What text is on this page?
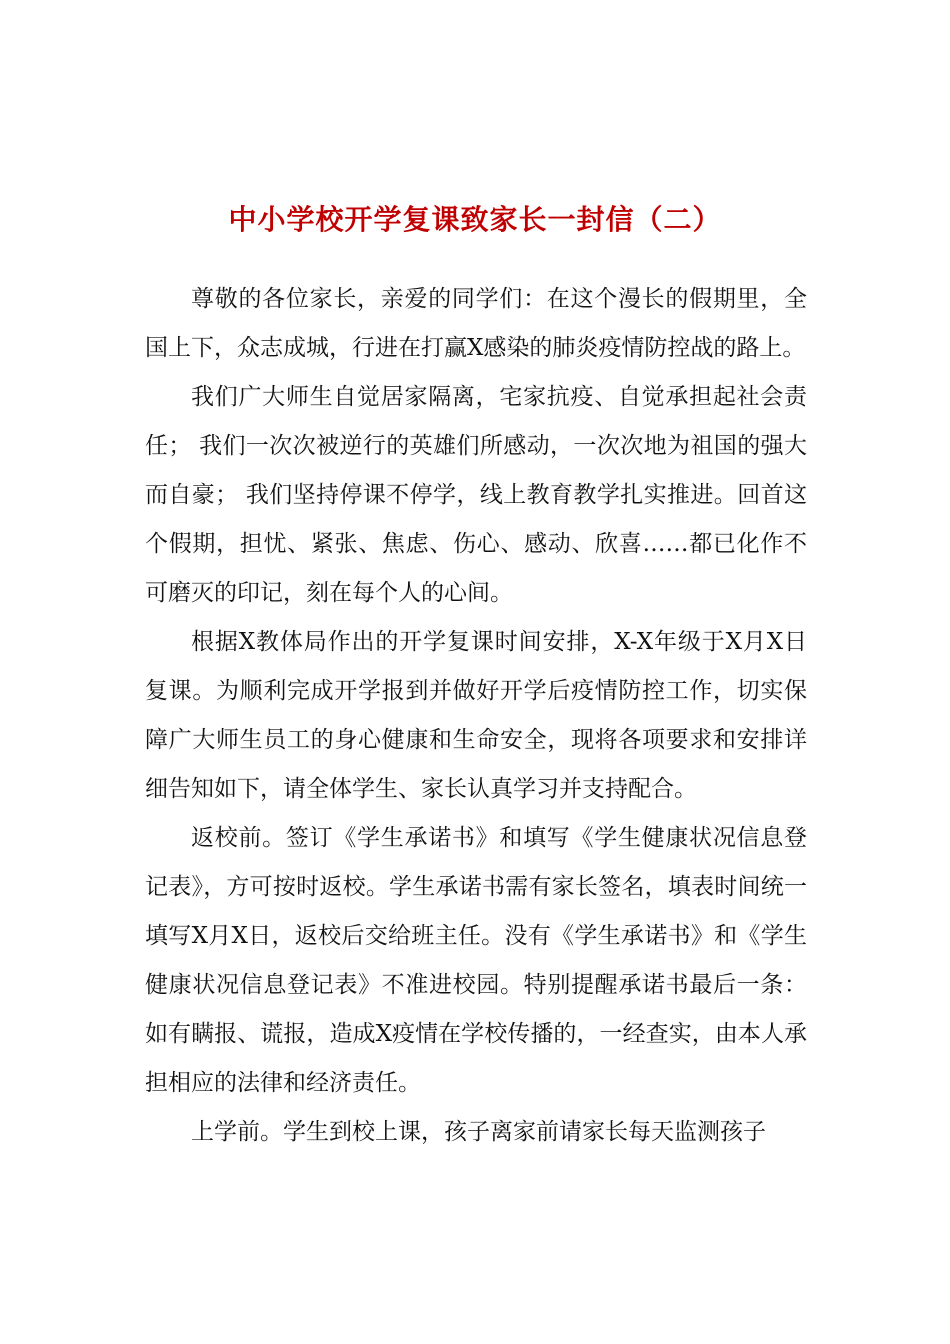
中小学校开学复课致家长一封信（二）

尊敬的各位家长，亲爱的同学们：在这个漫长的假期里，全国上下，众志成城，行进在打赢X感染的肺炎疫情防控战的路上。

我们广大师生自觉居家隔离，宅家抗疫、自觉承担起社会责任； 我们一次次被逆行的英雄们所感动，一次次地为祖国的强大而自豪； 我们坚持停课不停学，线上教育教学扎实推进。回首这个假期，担忧、紧张、焦虑、伤心、感动、欣喜……都已化作不可磨灭的印记，刻在每个人的心间。

根据X教体局作出的开学复课时间安排，X-X年级于X月X日复课。为顺利完成开学报到并做好开学后疫情防控工作，切实保障广大师生员工的身心健康和生命安全，现将各项要求和安排详细告知如下，请全体学生、家长认真学习并支持配合。

返校前。签订《学生承诺书》和填写《学生健康状况信息登记表》，方可按时返校。学生承诺书需有家长签名，填表时间统一填写X月X日，返校后交给班主任。没有《学生承诺书》和《学生健康状况信息登记表》不准进校园。特别提醒承诺书最后一条：如有瞒报、谎报，造成X疫情在学校传播的，一经查实，由本人承担相应的法律和经济责任。

上学前。学生到校上课，孩子离家前请家长每天监测孩子
